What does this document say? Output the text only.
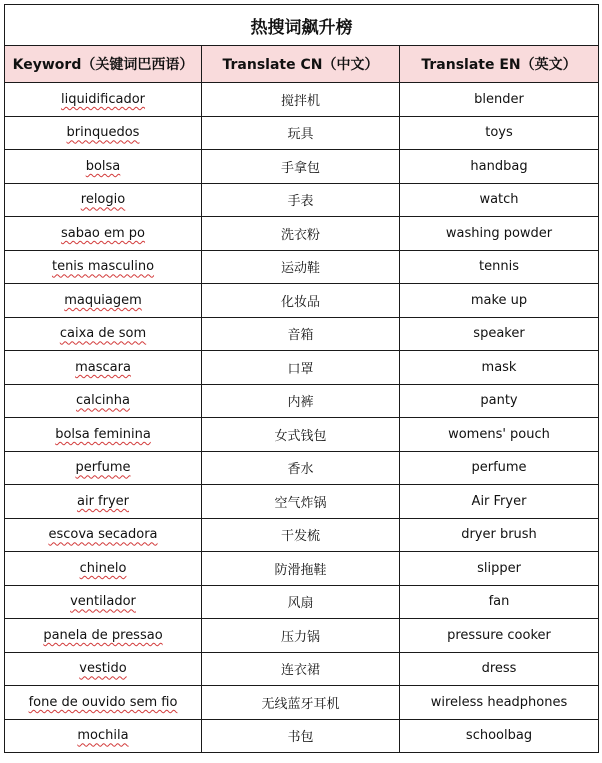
热搜词飙升榜		
Keyword（关键词巴西语）	Translate CN（中文）	Translate EN（英文）
liquidificador	搅拌机	blender
brinquedos	玩具	toys
bolsa	手拿包	handbag
relogio	手表	watch
sabao em po	洗衣粉	washing powder
tenis masculino	运动鞋	tennis
maquiagem	化妆品	make up
caixa de som	音箱	speaker
mascara	口罩	mask
calcinha	内裤	panty
bolsa feminina	女式钱包	womens' pouch
perfume	香水	perfume
air fryer	空气炸锅	Air Fryer
escova secadora	干发梳	dryer brush
chinelo	防滑拖鞋	slipper
ventilador	风扇	fan
panela de pressao	压力锅	pressure cooker
vestido	连衣裙	dress
fone de ouvido sem fio	无线蓝牙耳机	wireless headphones
mochila	书包	schoolbag
